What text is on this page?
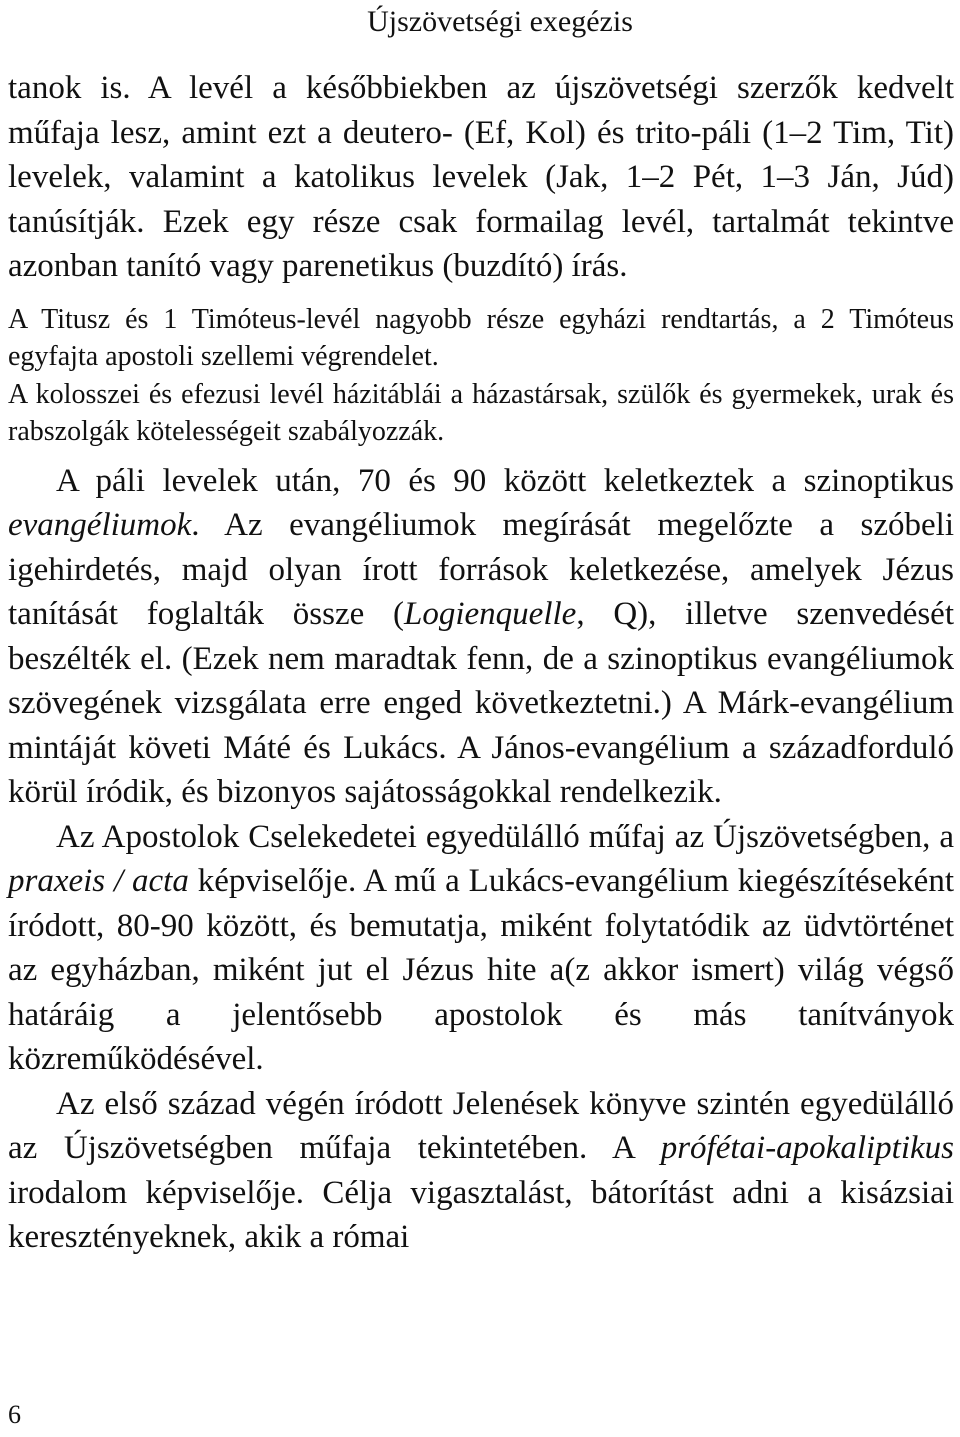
Újszövetségi exegézis

tanok is. A levél a későbbiekben az újszövetségi szerzők kedvelt műfaja lesz, amint ezt a deutero- (Ef, Kol) és trito-páli (1–2 Tim, Tit) levelek, valamint a katolikus levelek (Jak, 1–2 Pét, 1–3 Ján, Júd) tanúsítják. Ezek egy része csak formailag levél, tartalmát tekintve azonban tanító vagy parenetikus (buzdító) írás.

A Titusz és 1 Timóteus-levél nagyobb része egyházi rendtartás, a 2 Timóteus egyfajta apostoli szellemi végrendelet.

A kolosszei és efezusi levél házitáblái a házastársak, szülők és gyermekek, urak és rabszolgák kötelességeit szabályozzák.

A páli levelek után, 70 és 90 között keletkeztek a szinoptikus evangéliumok. Az evangéliumok megírását megelőzte a szóbeli igehirdetés, majd olyan írott források keletkezése, amelyek Jézus tanítását foglalták össze (Logienquelle, Q), illetve szenvedését beszélték el. (Ezek nem maradtak fenn, de a szinoptikus evangéliumok szövegének vizsgálata erre enged következtetni.) A Márk-evangélium mintáját követi Máté és Lukács. A János-evangélium a századforduló körül íródik, és bizonyos sajátosságokkal rendelkezik.

Az Apostolok Cselekedetei egyedülálló műfaj az Újszövetségben, a praxeis / acta képviselője. A mű a Lukács-evangélium kiegészítéseként íródott, 80-90 között, és bemutatja, miként folytatódik az üdvtörténet az egyházban, miként jut el Jézus hite a(z akkor ismert) világ végső határáig a jelentősebb apostolok és más tanítványok közreműködésével.

Az első század végén íródott Jelenések könyve szintén egyedülálló az Újszövetségben műfaja tekintetében. A prófétai-apokaliptikus irodalom képviselője. Célja vigasztalást, bátorítást adni a kisázsiai keresztényeknek, akik a római

6
